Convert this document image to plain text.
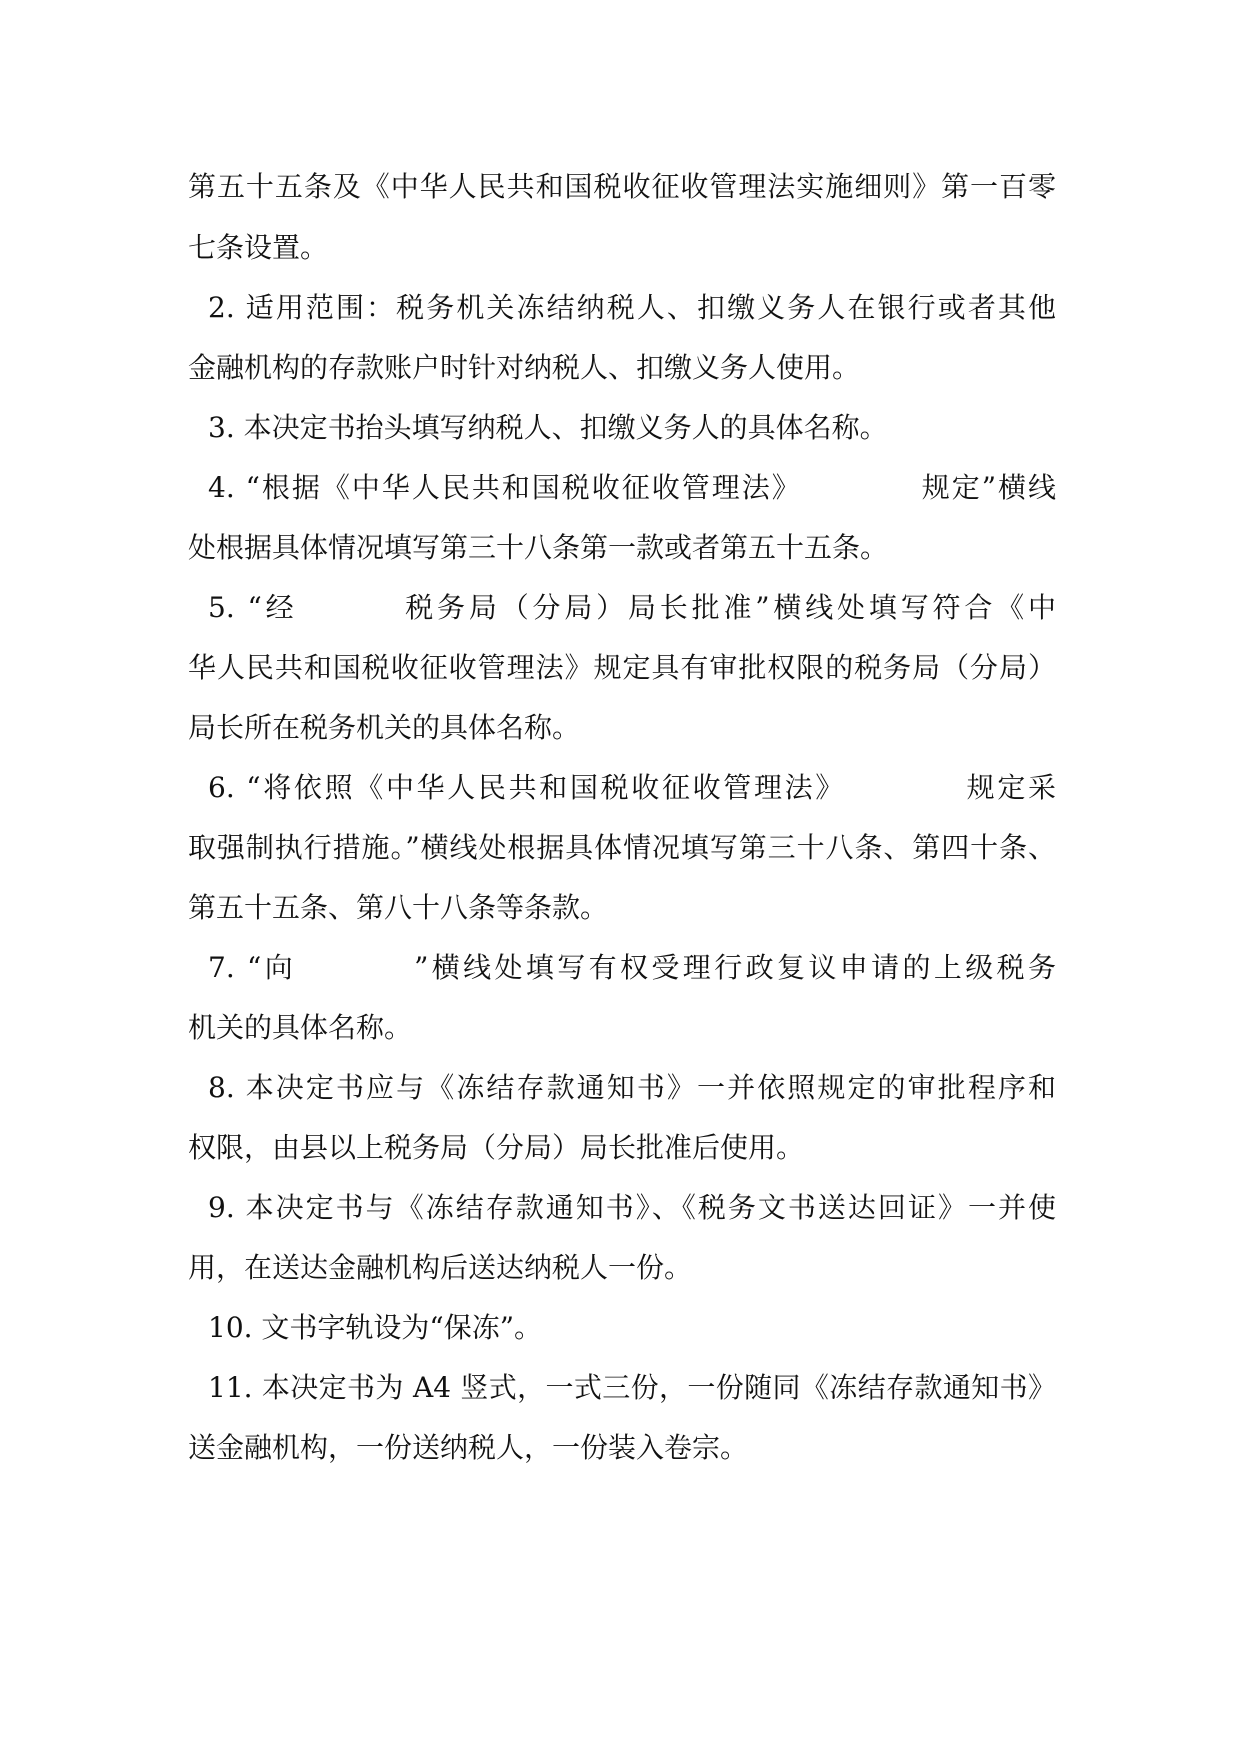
第五十五条及《中华人民共和国税收征收管理法实施细则》第一百零
七条设置。
2. 适用范围：税务机关冻结纳税人、扣缴义务人在银行或者其他
金融机构的存款账户时针对纳税人、扣缴义务人使用。
3. 本决定书抬头填写纳税人、扣缴义务人的具体名称。
4. “根据《中华人民共和国税收征收管理法》	规定”横线
处根据具体情况填写第三十八条第一款或者第五十五条。
5. “经	税务局（分局）局长批准”横线处填写符合《中
华人民共和国税收征收管理法》规定具有审批权限的税务局（分局）
局长所在税务机关的具体名称。
6. “将依照《中华人民共和国税收征收管理法》	规定采
取强制执行措施。”横线处根据具体情况填写第三十八条、第四十条、
第五十五条、第八十八条等条款。
7. “向	”横线处填写有权受理行政复议申请的上级税务
机关的具体名称。
8. 本决定书应与《冻结存款通知书》一并依照规定的审批程序和
权限，由县以上税务局（分局）局长批准后使用。
9. 本决定书与《冻结存款通知书》、《税务文书送达回证》一并使
用，在送达金融机构后送达纳税人一份。
10. 文书字轨设为“保冻”。
11. 本决定书为 A4 竖式，一式三份，一份随同《冻结存款通知书》
送金融机构，一份送纳税人，一份装入卷宗。
